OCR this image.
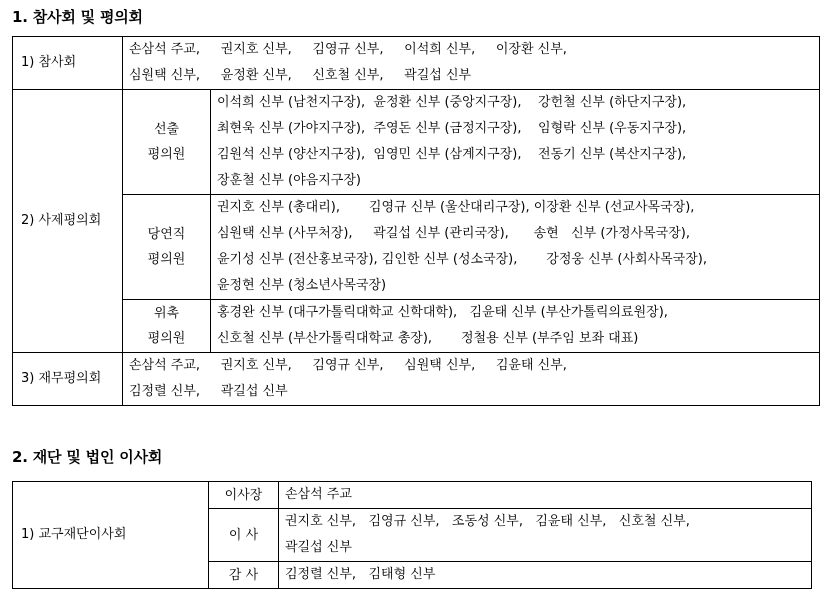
1. 참사회 및 평의회
1) 참사회	손삼석 주교,     권지호 신부,     김영규 신부,     이석희 신부,     이장환 신부,
심원택 신부,     윤정환 신부,     신호철 신부,     곽길섭 신부	

2) 사제평의회	선출
평의원	이석희 신부 (남천지구장),  윤정환 신부 (중앙지구장),    강헌철 신부 (하단지구장),
최현욱 신부 (가야지구장),  주영돈 신부 (금정지구장),    임형락 신부 (우동지구장),
김원석 신부 (양산지구장),  임영민 신부 (삼계지구장),    전동기 신부 (복산지구장),
장훈철 신부 (야음지구장)

	당연직
평의원	권지호 신부 (총대리),       김영규 신부 (울산대리구장), 이장환 신부 (선교사목국장),
심원택 신부 (사무처장),     곽길섭 신부 (관리국장),      송현   신부 (가정사목국장),
윤기성 신부 (전산홍보국장), 김인한 신부 (성소국장),       강정웅 신부 (사회사목국장),
윤정현 신부 (청소년사목국장)

	위촉
평의원	홍경완 신부 (대구가톨릭대학교 신학대학),   김윤태 신부 (부산가톨릭의료원장),
신호철 신부 (부산가톨릭대학교 총장),       정철용 신부 (부주임 보좌 대표)

3) 재무평의회	손삼석 주교,     권지호 신부,     김영규 신부,     심원택 신부,     김윤태 신부,
김정렬 신부,     곽길섭 신부	
2. 재단 및 법인 이사회
1) 교구재단이사회	이사장	손삼석 주교

	이 사	권지호 신부,   김영규 신부,   조동성 신부,   김윤태 신부,   신호철 신부,
곽길섭 신부

	감 사	김정렬 신부,   김태형 신부
